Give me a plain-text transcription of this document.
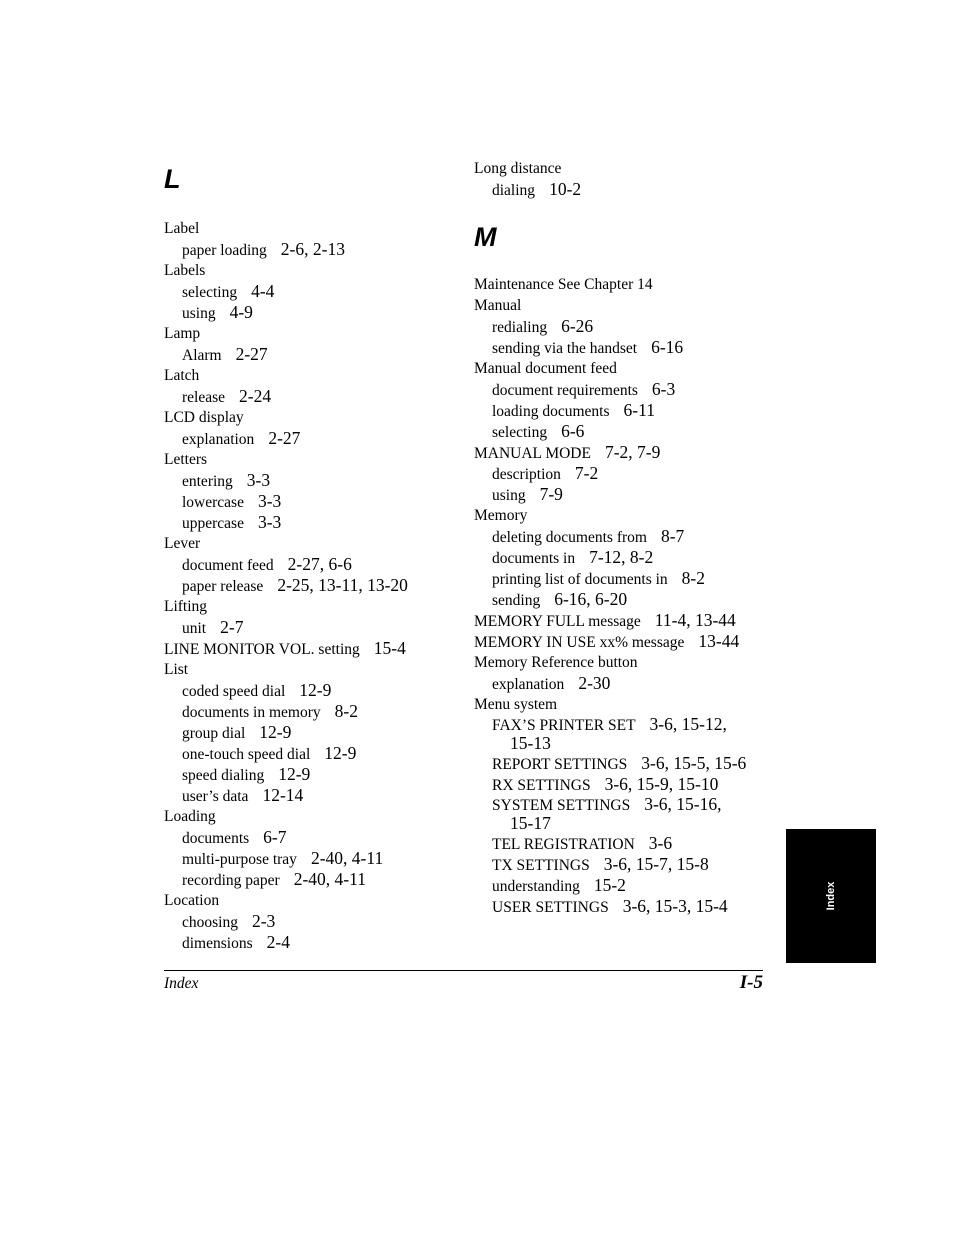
L
Label
paper loading 2-6, 2-13
Labels
selecting 4-4
using 4-9
Lamp
Alarm 2-27
Latch
release 2-24
LCD display
explanation 2-27
Letters
entering 3-3
lowercase 3-3
uppercase 3-3
Lever
document feed 2-27, 6-6
paper release 2-25, 13-11, 13-20
Lifting
unit 2-7
LINE MONITOR VOL. setting 15-4
List
coded speed dial 12-9
documents in memory 8-2
group dial 12-9
one-touch speed dial 12-9
speed dialing 12-9
user’s data 12-14
Loading
documents 6-7
multi-purpose tray 2-40, 4-11
recording paper 2-40, 4-11
Location
choosing 2-3
dimensions 2-4
Long distance
dialing 10-2
M
Maintenance See Chapter 14
Manual
redialing 6-26
sending via the handset 6-16
Manual document feed
document requirements 6-3
loading documents 6-11
selecting 6-6
MANUAL MODE 7-2, 7-9
description 7-2
using 7-9
Memory
deleting documents from 8-7
documents in 7-12, 8-2
printing list of documents in 8-2
sending 6-16, 6-20
MEMORY FULL message 11-4, 13-44
MEMORY IN USE xx% message 13-44
Memory Reference button
explanation 2-30
Menu system
FAX’S PRINTER SET 3-6, 15-12,
15-13
REPORT SETTINGS 3-6, 15-5, 15-6
RX SETTINGS 3-6, 15-9, 15-10
SYSTEM SETTINGS 3-6, 15-16,
15-17
TEL REGISTRATION 3-6
TX SETTINGS 3-6, 15-7, 15-8
understanding 15-2
USER SETTINGS 3-6, 15-3, 15-4
Index	I-5
Index
